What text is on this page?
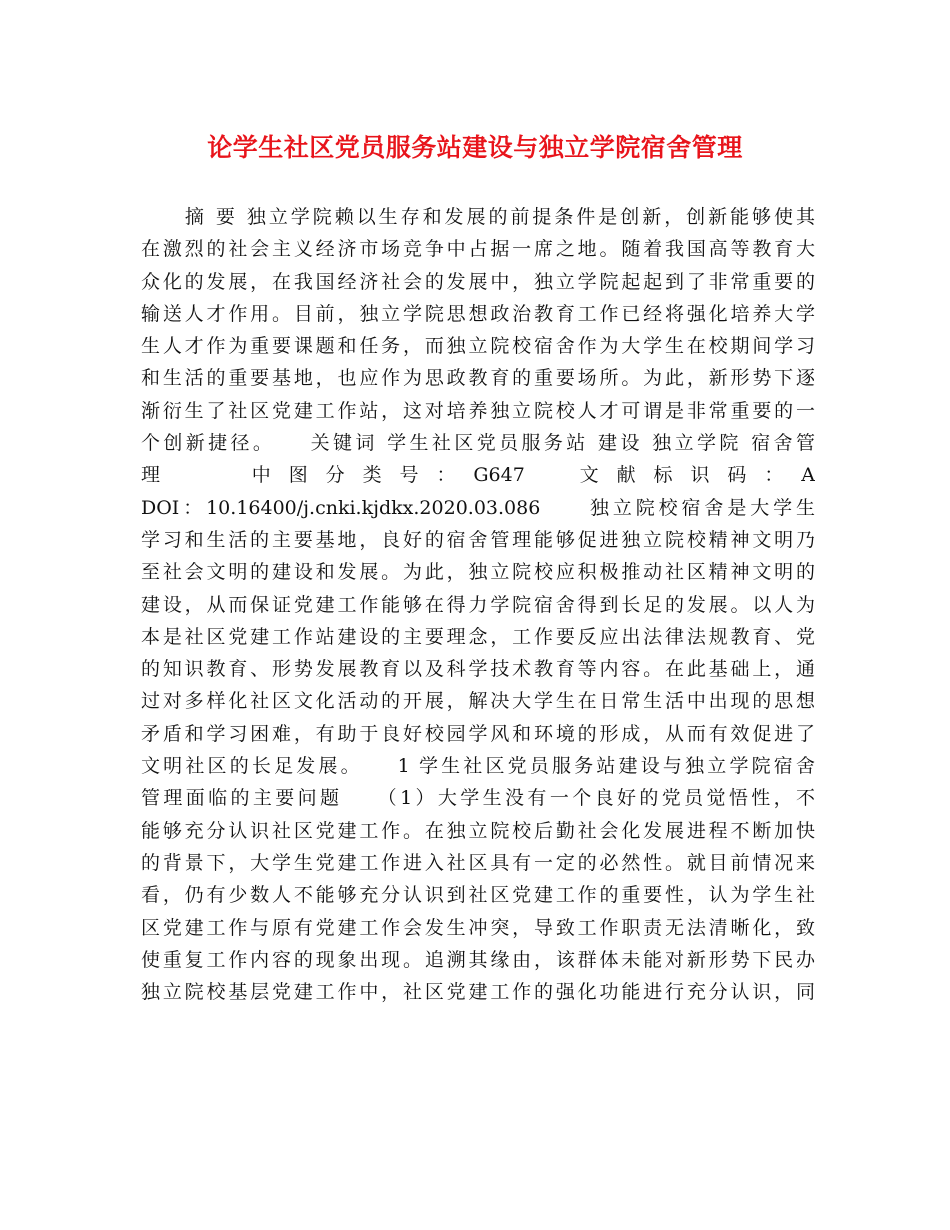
论学生社区党员服务站建设与独立学院宿舍管理
　　摘 要 独立学院赖以生存和发展的前提条件是创新，创新能够使其
在激烈的社会主义经济市场竞争中占据一席之地。随着我国高等教育大
众化的发展，在我国经济社会的发展中，独立学院起起到了非常重要的
输送人才作用。目前，独立学院思想政治教育工作已经将强化培养大学
生人才作为重要课题和任务，而独立院校宿舍作为大学生在校期间学习
和生活的重要基地，也应作为思政教育的重要场所。为此，新形势下逐
渐衍生了社区党建工作站，这对培养独立院校人才可谓是非常重要的一
个创新捷径。　　关键词 学生社区党员服务站 建设 独立学院 宿舍管
理　　中图分类号：G647　文献标识码：A
DOI：10.16400/j.cnki.kjdkx.2020.03.086　　独立院校宿舍是大学生
学习和生活的主要基地，良好的宿舍管理能够促进独立院校精神文明乃
至社会文明的建设和发展。为此，独立院校应积极推动社区精神文明的
建设，从而保证党建工作能够在得力学院宿舍得到长足的发展。以人为
本是社区党建工作站建设的主要理念，工作要反应出法律法规教育、党
的知识教育、形势发展教育以及科学技术教育等内容。在此基础上，通
过对多样化社区文化活动的开展，解决大学生在日常生活中出现的思想
矛盾和学习困难，有助于良好校园学风和环境的形成，从而有效促进了
文明社区的长足发展。　　1 学生社区党员服务站建设与独立学院宿舍
管理面临的主要问题　　（1）大学生没有一个良好的党员觉悟性，不
能够充分认识社区党建工作。在独立院校后勤社会化发展进程不断加快
的背景下，大学生党建工作进入社区具有一定的必然性。就目前情况来
看，仍有少数人不能够充分认识到社区党建工作的重要性，认为学生社
区党建工作与原有党建工作会发生冲突，导致工作职责无法清晰化，致
使重复工作内容的现象出现。追溯其缘由，该群体未能对新形势下民办
独立院校基层党建工作中，社区党建工作的强化功能进行充分认识，同
